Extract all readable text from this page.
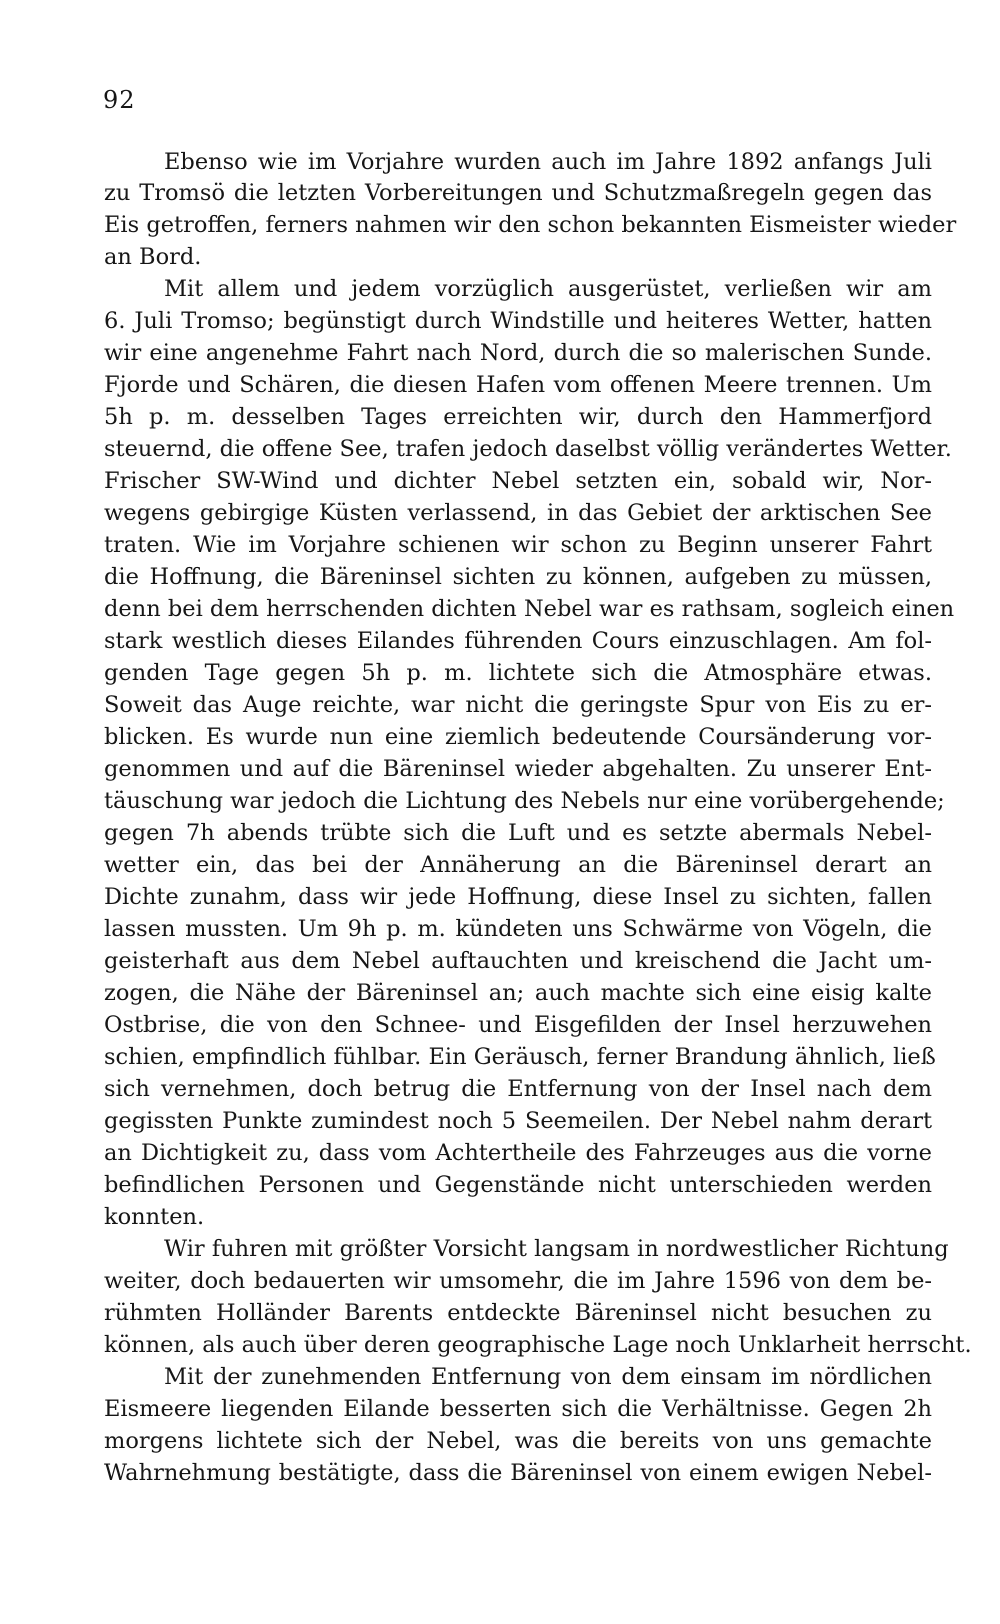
92
Ebenso wie im Vorjahre wurden auch im Jahre 1892 anfangs Juli
zu Tromsö die letzten Vorbereitungen und Schutzmaßregeln gegen das
Eis getroffen, ferners nahmen wir den schon bekannten Eismeister wieder
an Bord.
Mit allem und jedem vorzüglich ausgerüstet, verließen wir am
6. Juli Tromso; begünstigt durch Windstille und heiteres Wetter, hatten
wir eine angenehme Fahrt nach Nord, durch die so malerischen Sunde.
Fjorde und Schären, die diesen Hafen vom offenen Meere trennen. Um
5h p. m. desselben Tages erreichten wir, durch den Hammerfjord
steuernd, die offene See, trafen jedoch daselbst völlig verändertes Wetter.
Frischer SW-Wind und dichter Nebel setzten ein, sobald wir, Nor-
wegens gebirgige Küsten verlassend, in das Gebiet der arktischen See
traten. Wie im Vorjahre schienen wir schon zu Beginn unserer Fahrt
die Hoffnung, die Bäreninsel sichten zu können, aufgeben zu müssen,
denn bei dem herrschenden dichten Nebel war es rathsam, sogleich einen
stark westlich dieses Eilandes führenden Cours einzuschlagen. Am fol-
genden Tage gegen 5h p. m. lichtete sich die Atmosphäre etwas.
Soweit das Auge reichte, war nicht die geringste Spur von Eis zu er-
blicken. Es wurde nun eine ziemlich bedeutende Coursänderung vor-
genommen und auf die Bäreninsel wieder abgehalten. Zu unserer Ent-
täuschung war jedoch die Lichtung des Nebels nur eine vorübergehende;
gegen 7h abends trübte sich die Luft und es setzte abermals Nebel-
wetter ein, das bei der Annäherung an die Bäreninsel derart an
Dichte zunahm, dass wir jede Hoffnung, diese Insel zu sichten, fallen
lassen mussten. Um 9h p. m. kündeten uns Schwärme von Vögeln, die
geisterhaft aus dem Nebel auftauchten und kreischend die Jacht um-
zogen, die Nähe der Bäreninsel an; auch machte sich eine eisig kalte
Ostbrise, die von den Schnee- und Eisgefilden der Insel herzuwehen
schien, empfindlich fühlbar. Ein Geräusch, ferner Brandung ähnlich, ließ
sich vernehmen, doch betrug die Entfernung von der Insel nach dem
gegissten Punkte zumindest noch 5 Seemeilen. Der Nebel nahm derart
an Dichtigkeit zu, dass vom Achtertheile des Fahrzeuges aus die vorne
befindlichen Personen und Gegenstände nicht unterschieden werden
konnten.
Wir fuhren mit größter Vorsicht langsam in nordwestlicher Richtung
weiter, doch bedauerten wir umsomehr, die im Jahre 1596 von dem be-
rühmten Holländer Barents entdeckte Bäreninsel nicht besuchen zu
können, als auch über deren geographische Lage noch Unklarheit herrscht.
Mit der zunehmenden Entfernung von dem einsam im nördlichen
Eismeere liegenden Eilande besserten sich die Verhältnisse. Gegen 2h
morgens lichtete sich der Nebel, was die bereits von uns gemachte
Wahrnehmung bestätigte, dass die Bäreninsel von einem ewigen Nebel-
